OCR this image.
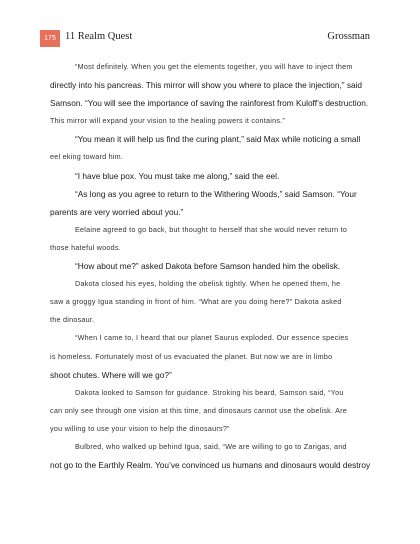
175 11 Realm Quest	Grossman
“Most definitely. When you get the elements together, you will have to inject them
directly into his pancreas. This mirror will show you where to place the injection,” said
Samson. “You will see the importance of saving the rainforest from Kuloff’s destruction.
This mirror will expand your vision to the healing powers it contains.”
“You mean it will help us find the curing plant,” said Max while noticing a small
eel eking toward him.
“I have blue pox. You must take me along,” said the eel.
“As long as you agree to return to the Withering Woods,” said Samson. “Your
parents are very worried about you.”
Eelaine agreed to go back, but thought to herself that she would never return to
those hateful woods.
“How about me?” asked Dakota before Samson handed him the obelisk.
Dakota closed his eyes, holding the obelisk tightly. When he opened them, he
saw a groggy Igua standing in front of him. “What are you doing here?” Dakota asked
the dinosaur.
“When I came to, I heard that our planet Saurus exploded. Our essence species
is homeless. Fortunately most of us evacuated the planet. But now we are in limbo
shoot chutes. Where will we go?”
Dakota looked to Samson for guidance. Stroking his beard, Samson said, “You
can only see through one vision at this time, and dinosaurs cannot use the obelisk. Are
you willing to use your vision to help the dinosaurs?”
Bulbred, who walked up behind Igua, said, “We are willing to go to Zarigas, and
not go to the Earthly Realm. You’ve convinced us humans and dinosaurs would destroy
